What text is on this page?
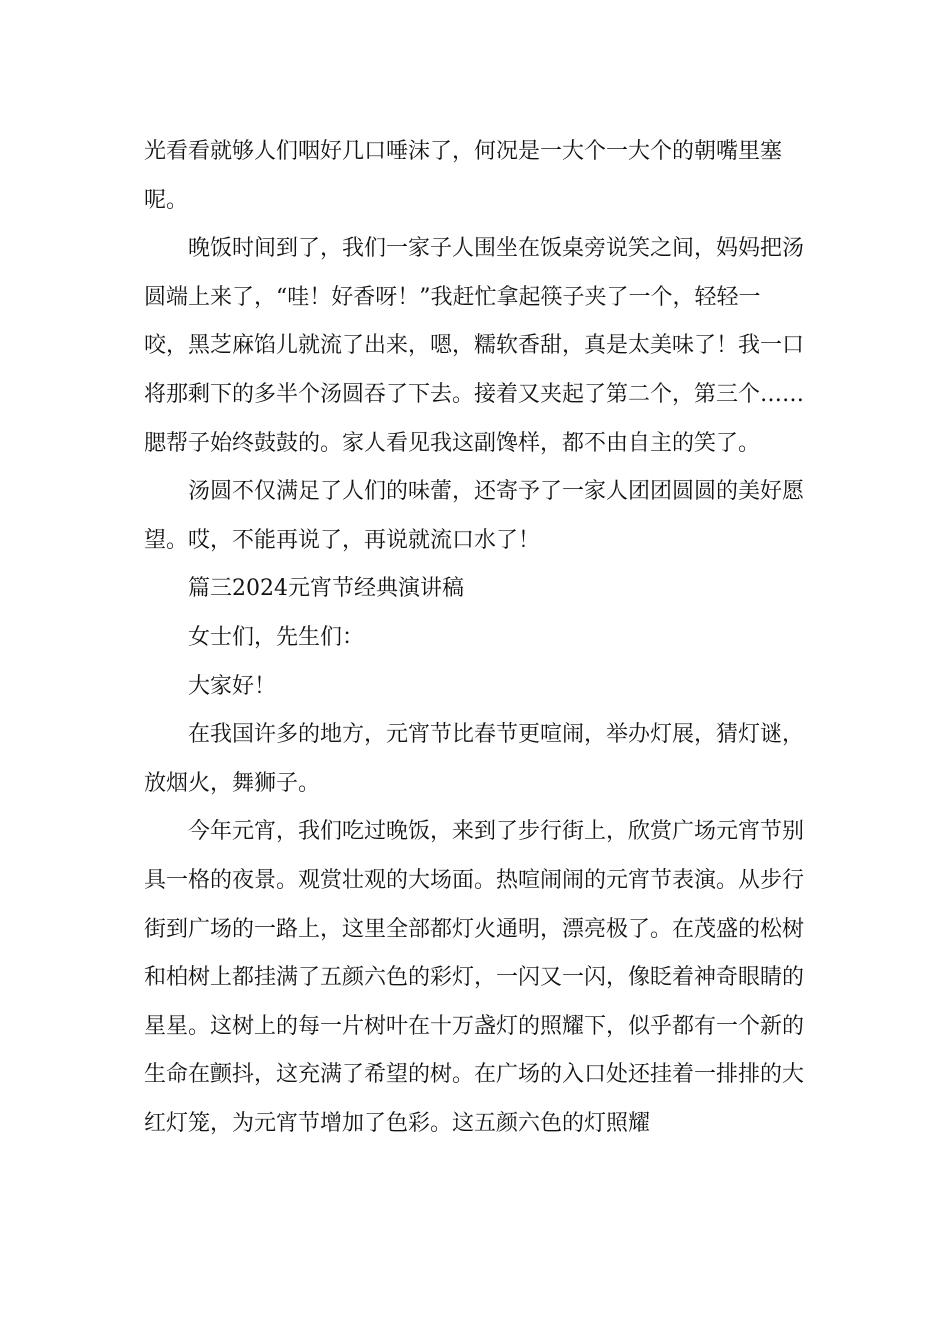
光看看就够人们咽好几口唾沫了，何况是一大个一大个的朝嘴里塞呢。

晚饭时间到了，我们一家子人围坐在饭桌旁说笑之间，妈妈把汤圆端上来了，“哇！好香呀！”我赶忙拿起筷子夹了一个，轻轻一咬，黑芝麻馅儿就流了出来，嗯，糯软香甜，真是太美味了！我一口将那剩下的多半个汤圆吞了下去。接着又夹起了第二个，第三个……腮帮子始终鼓鼓的。家人看见我这副馋样，都不由自主的笑了。

汤圆不仅满足了人们的味蕾，还寄予了一家人团团圆圆的美好愿望。哎，不能再说了，再说就流口水了！

篇三2024元宵节经典演讲稿

女士们，先生们：

大家好！

在我国许多的地方，元宵节比春节更喧闹，举办灯展，猜灯谜，放烟火，舞狮子。

今年元宵，我们吃过晚饭，来到了步行街上，欣赏广场元宵节别具一格的夜景。观赏壮观的大场面。热喧闹闹的元宵节表演。从步行街到广场的一路上，这里全部都灯火通明，漂亮极了。在茂盛的松树和柏树上都挂满了五颜六色的彩灯，一闪又一闪，像眨着神奇眼睛的星星。这树上的每一片树叶在十万盏灯的照耀下，似乎都有一个新的生命在颤抖，这充满了希望的树。在广场的入口处还挂着一排排的大红灯笼，为元宵节增加了色彩。这五颜六色的灯照耀
